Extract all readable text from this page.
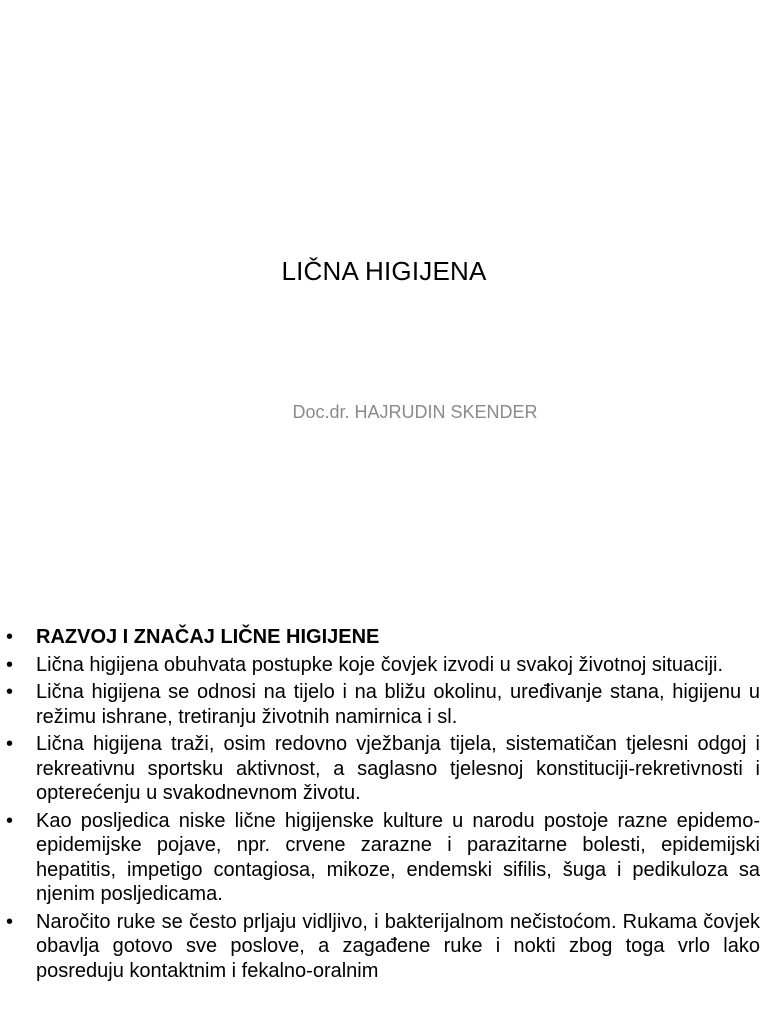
LIČNA HIGIJENA
Doc.dr. HAJRUDIN SKENDER
•	RAZVOJ I ZNAČAJ LIČNE HIGIJENE
•	Lična higijena obuhvata postupke koje čovjek izvodi u svakoj životnoj situaciji.
•	Lična higijena se odnosi na tijelo i na bližu okolinu, uređivanje stana, higijenu u režimu ishrane, tretiranju životnih namirnica i sl.
•	Lična higijena traži, osim redovno vježbanja tijela, sistematičan tjelesni odgoj i rekreativnu sportsku aktivnost, a saglasno tjelesnoj konstituciji-rekretivnosti i opterećenju u svakodnevnom životu.
•	Kao posljedica niske lične higijenske kulture u narodu postoje razne epidemo-epidemijske pojave, npr. crvene zarazne i parazitarne bolesti, epidemijski hepatitis, impetigo contagiosa, mikoze, endemski sifilis, šuga i pedikuloza sa njenim posljedicama.
•	Naročito ruke se često prljaju vidljivo, i bakterijalnom nečistoćom. Rukama čovjek obavlja gotovo sve poslove, a zagađene ruke i nokti zbog toga vrlo lako posreduju kontaktnim i fekalno-oralnim
